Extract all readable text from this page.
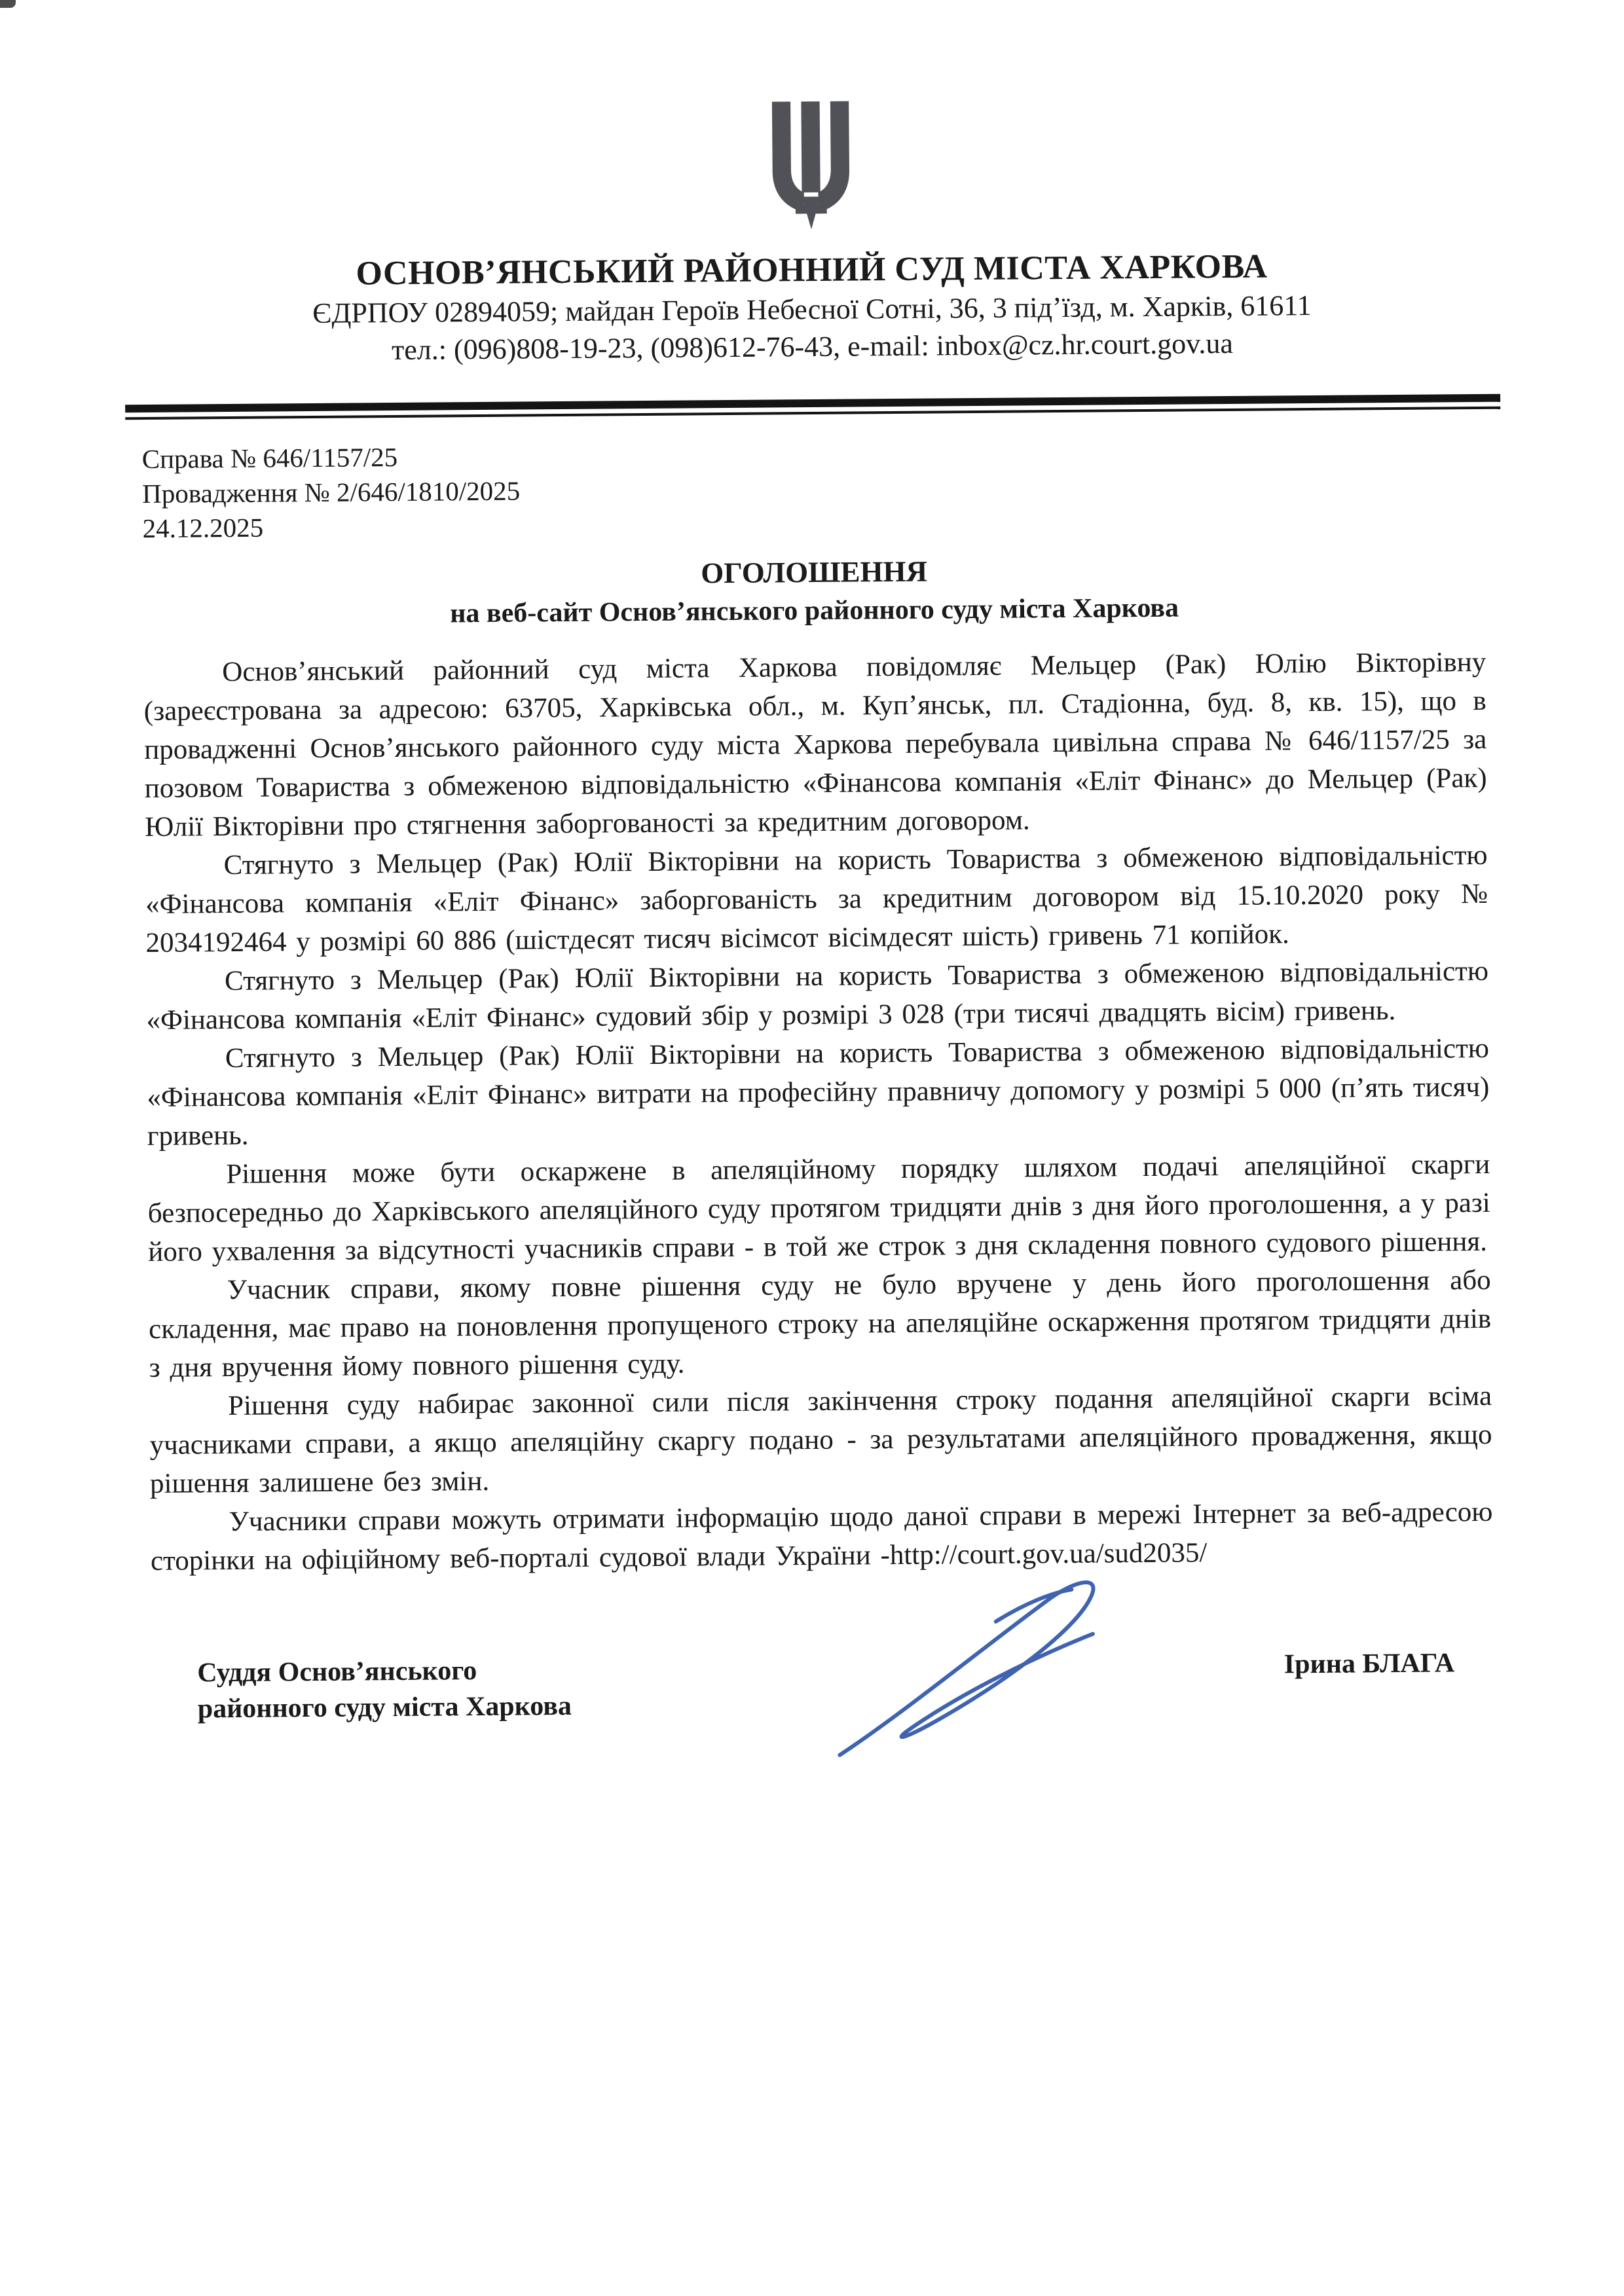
ОСНОВ’ЯНСЬКИЙ РАЙОННИЙ СУД МІСТА ХАРКОВА
ЄДРПОУ 02894059; майдан Героїв Небесної Сотні, 36, 3 під’їзд, м. Харків, 61611
тел.: (096)808-19-23, (098)612-76-43, e-mail: inbox@cz.hr.court.gov.ua
Справа № 646/1157/25
Провадження № 2/646/1810/2025
24.12.2025
ОГОЛОШЕННЯ
на веб-сайт Основ’янського районного суду міста Харкова

Основ’янський районний суд міста Харкова повідомляє Мельцер (Рак) Юлію Вікторівну (зареєстрована за адресою: 63705, Харківська обл., м. Куп’янськ, пл. Стадіонна, буд. 8, кв. 15), що в провадженні Основ’янського районного суду міста Харкова перебувала цивільна справа № 646/1157/25 за позовом Товариства з обмеженою відповідальністю «Фінансова компанія «Еліт Фінанс» до Мельцер (Рак) Юлії Вікторівни про стягнення заборгованості за кредитним договором.

Стягнуто з Мельцер (Рак) Юлії Вікторівни на користь Товариства з обмеженою відповідальністю «Фінансова компанія «Еліт Фінанс» заборгованість за кредитним договором від 15.10.2020 року № 2034192464 у розмірі 60 886 (шістдесят тисяч вісімсот вісімдесят шість) гривень 71 копійок.

Стягнуто з Мельцер (Рак) Юлії Вікторівни на користь Товариства з обмеженою відповідальністю «Фінансова компанія «Еліт Фінанс» судовий збір у розмірі 3 028 (три тисячі двадцять вісім) гривень.

Стягнуто з Мельцер (Рак) Юлії Вікторівни на користь Товариства з обмеженою відповідальністю «Фінансова компанія «Еліт Фінанс» витрати на професійну правничу допомогу у розмірі 5 000 (п’ять тисяч) гривень.

Рішення може бути оскаржене в апеляційному порядку шляхом подачі апеляційної скарги безпосередньо до Харківського апеляційного суду протягом тридцяти днів з дня його проголошення, а у разі його ухвалення за відсутності учасників справи - в той же строк з дня складення повного судового рішення.

Учасник справи, якому повне рішення суду не було вручене у день його проголошення або складення, має право на поновлення пропущеного строку на апеляційне оскарження протягом тридцяти днів з дня вручення йому повного рішення суду.

Рішення суду набирає законної сили після закінчення строку подання апеляційної скарги всіма учасниками справи, а якщо апеляційну скаргу подано - за результатами апеляційного провадження, якщо рішення залишене без змін.

Учасники справи можуть отримати інформацію щодо даної справи в мережі Інтернет за веб-адресою сторінки на офіційному веб-порталі судової влади України -http://court.gov.ua/sud2035/

Суддя Основ’янського
районного суду міста Харкова
Ірина БЛАГА
